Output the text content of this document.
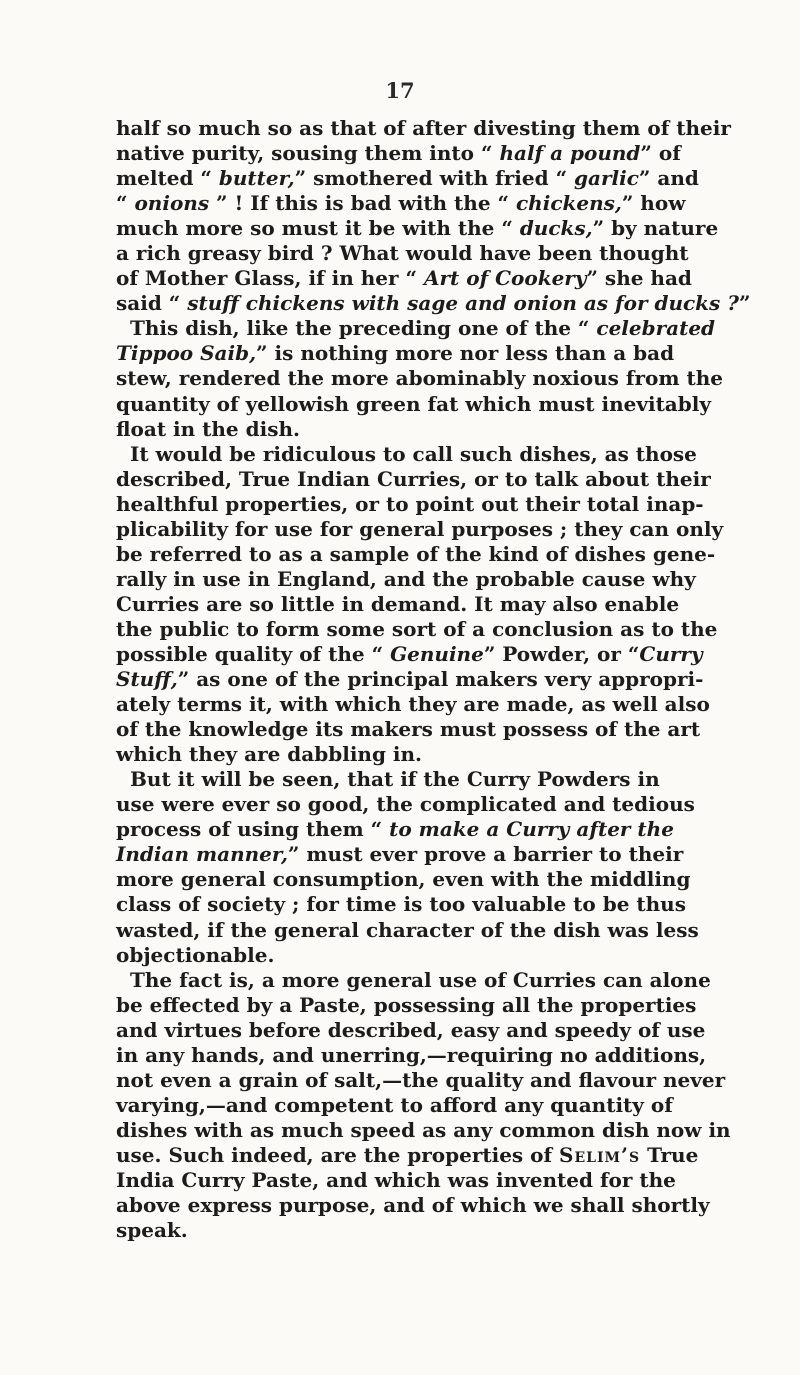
17
half so much so as that of after divesting them of their
native purity, sousing them into “ half a pound” of
melted “ butter,” smothered with fried “ garlic” and
“ onions ” ! If this is bad with the “ chickens,” how
much more so must it be with the “ ducks,” by nature
a rich greasy bird ? What would have been thought
of Mother Glass, if in her “ Art of Cookery” she had
said “ stuff chickens with sage and onion as for ducks ?”
This dish, like the preceding one of the “ celebrated
Tippoo Saib,” is nothing more nor less than a bad
stew, rendered the more abominably noxious from the
quantity of yellowish green fat which must inevitably
float in the dish.
It would be ridiculous to call such dishes, as those
described, True Indian Curries, or to talk about their
healthful properties, or to point out their total inap-
plicability for use for general purposes ; they can only
be referred to as a sample of the kind of dishes gene-
rally in use in England, and the probable cause why
Curries are so little in demand. It may also enable
the public to form some sort of a conclusion as to the
possible quality of the “ Genuine” Powder, or “Curry
Stuff,” as one of the principal makers very appropri-
ately terms it, with which they are made, as well also
of the knowledge its makers must possess of the art
which they are dabbling in.
But it will be seen, that if the Curry Powders in
use were ever so good, the complicated and tedious
process of using them “ to make a Curry after the
Indian manner,” must ever prove a barrier to their
more general consumption, even with the middling
class of society ; for time is too valuable to be thus
wasted, if the general character of the dish was less
objectionable.
The fact is, a more general use of Curries can alone
be effected by a Paste, possessing all the properties
and virtues before described, easy and speedy of use
in any hands, and unerring,—requiring no additions,
not even a grain of salt,—the quality and flavour never
varying,—and competent to afford any quantity of
dishes with as much speed as any common dish now in
use. Such indeed, are the properties of Selim’s True
India Curry Paste, and which was invented for the
above express purpose, and of which we shall shortly
speak.
